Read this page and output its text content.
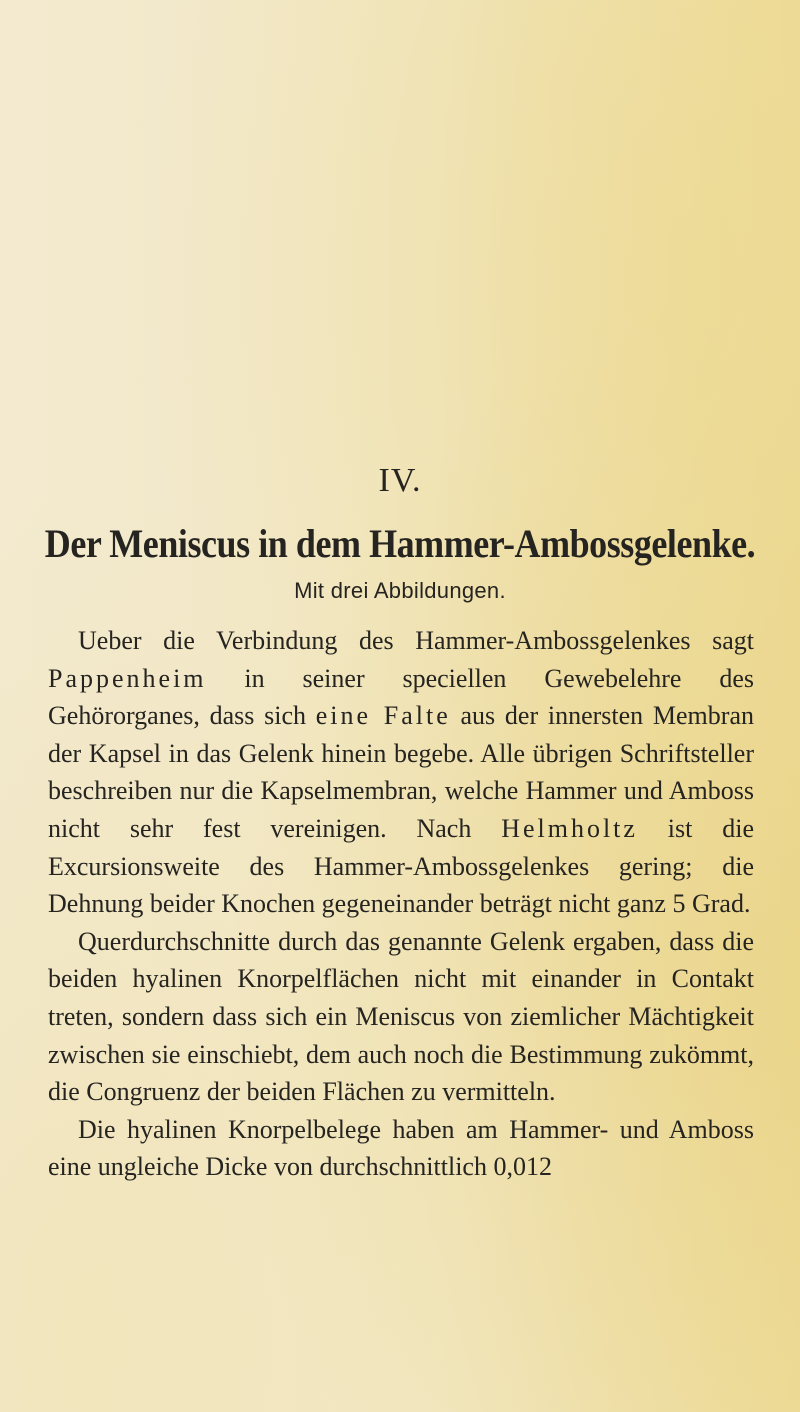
IV.
Der Meniscus in dem Hammer-Ambossgelenke.
Mit drei Abbildungen.

Ueber die Verbindung des Hammer-Ambossgelenkes sagt Pappenheim in seiner speciellen Gewebelehre des Gehörorganes, dass sich eine Falte aus der innersten Membran der Kapsel in das Gelenk hinein begebe. Alle übrigen Schriftsteller beschreiben nur die Kapselmembran, welche Hammer und Amboss nicht sehr fest vereinigen. Nach Helmholtz ist die Excursionsweite des Hammer-Ambossgelenkes gering; die Dehnung beider Knochen gegeneinander beträgt nicht ganz 5 Grad.

Querdurchschnitte durch das genannte Gelenk ergaben, dass die beiden hyalinen Knorpelflächen nicht mit einander in Contakt treten, sondern dass sich ein Meniscus von ziemlicher Mächtigkeit zwischen sie einschiebt, dem auch noch die Bestimmung zukömmt, die Congruenz der beiden Flächen zu vermitteln.

Die hyalinen Knorpelbelege haben am Hammer- und Amboss eine ungleiche Dicke von durchschnittlich 0,012
